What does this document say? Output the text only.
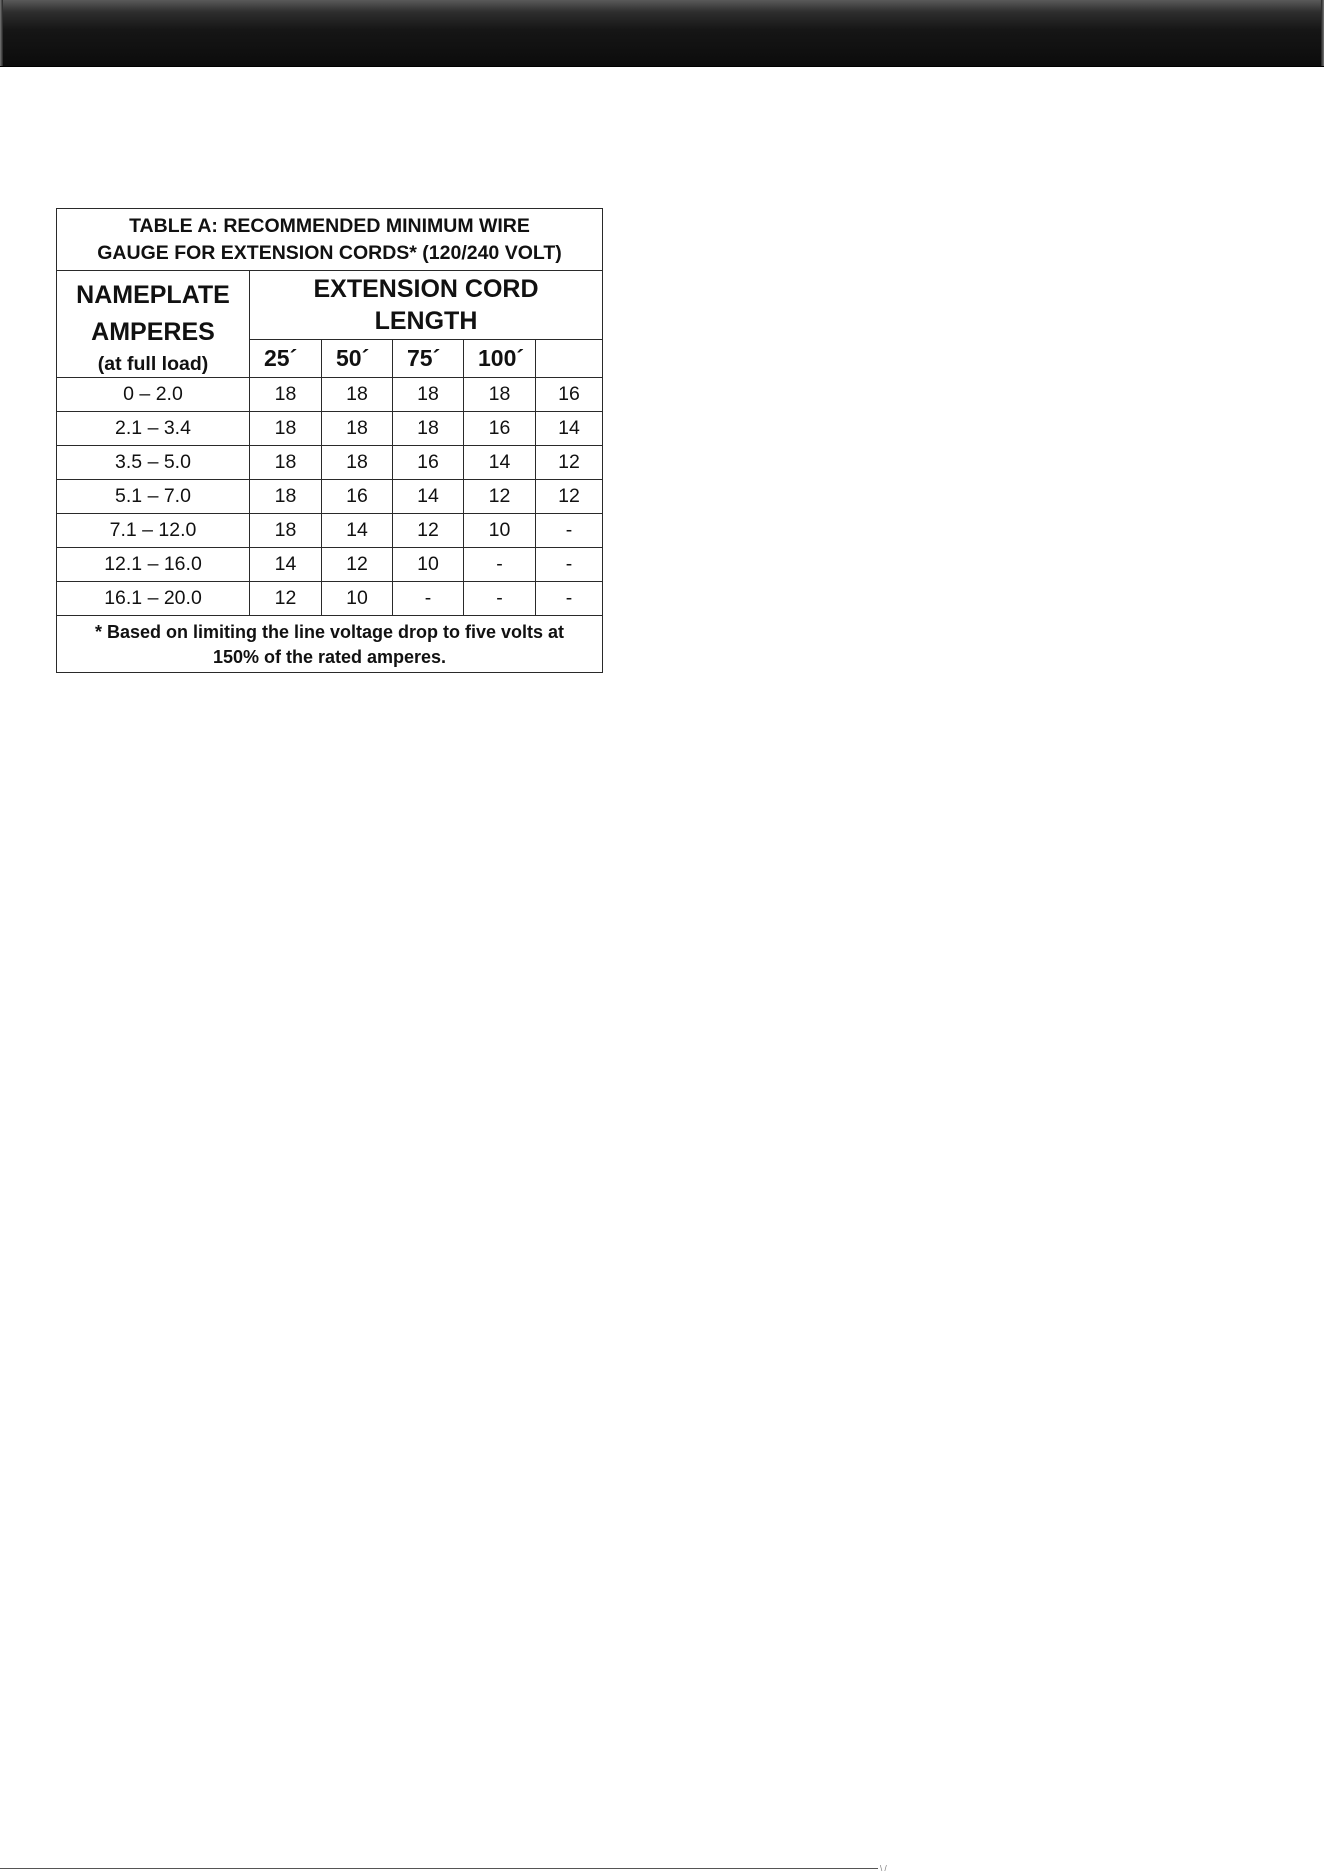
TABLE A: RECOMMENDED MINIMUM WIRE
GAUGE FOR EXTENSION CORDS* (120/240 VOLT)					

NAMEPLATE
AMPERES
(at full load)	EXTENSION CORD
LENGTH				
	25´	50´	75´	100´	
0 – 2.0	18	18	18	18	16
2.1 – 3.4	18	18	18	16	14
3.5 – 5.0	18	18	16	14	12
5.1 – 7.0	18	16	14	12	12
7.1 – 12.0	18	14	12	10	-
12.1 – 16.0	14	12	10	-	-
16.1 – 20.0	12	10	-	-	-
* Based on limiting the line voltage drop to five volts at
150% of the rated amperes.					
\ /
